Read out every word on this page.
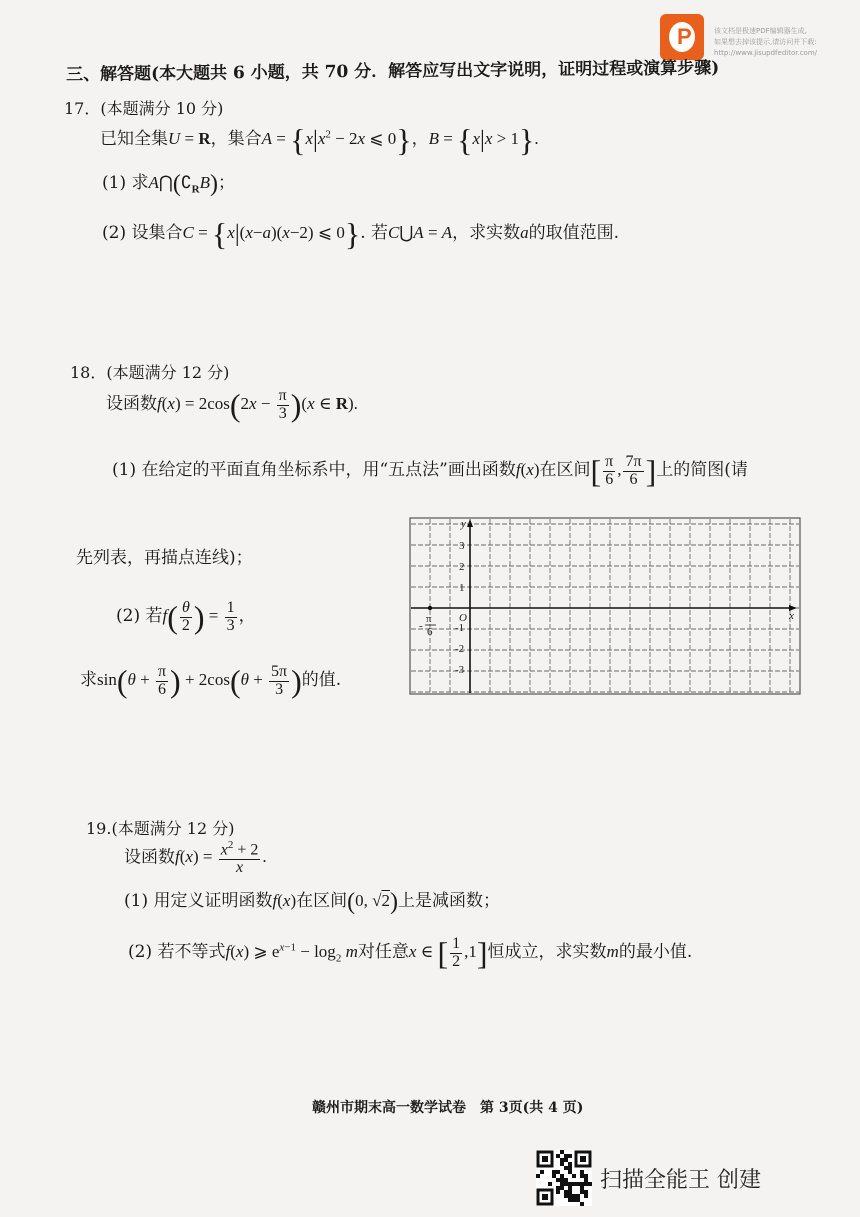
P	该文档是极速PDF编辑器生成,
如果想去掉该提示,请访问并下载:
http://www.jisupdfeditor.com/
三、解答题(本大题共 6 小题，共 70 分．解答应写出文字说明，证明过程或演算步骤)
17．(本题满分 10 分)
已知全集U = R，集合$A = \{x|x^2 - 2x$ ⩽ 0}，B = {x|x > 1}.
(1) 求$A⋂(∁_RB)$；
(2) 设集合C = {x|(x−a)(x−2) ⩽ 0}. 若C⋃A = A，求实数a的取值范围.
18．(本题满分 12 分)
设函数$f(x) = 2\cos(2x - \frac{\pi}{3} )(x$ ∈ R).
(1) 在给定的平面直角坐标系中，用“五点法”画出函数f(x)在区间[ $\frac{\pi}{6}$ , $\frac{7\pi}{6}$ ]上的简图(请
先列表，再描点连线)；
(2) 若$f( \frac{\theta}{2}$ ) = $\frac{1}{3}$ ，
求$\sin(\theta + \frac{\pi}{6}$ ) + $2\cos(\theta + \frac{5\pi}{3}$ )的值.
y
x
O
3
2
1
-1
-2
-3
-
π
6
19.(本题满分 12 分)
设函数$f(x) = \frac{x^2 + 2}{x}$ .
(1) 用定义证明函数f(x)在区间(0, √2)上是减函数；
(2) 若不等式f(x) ⩾ $e^{x-1} - \log_2 m$对任意x ∈ [ $\frac{1}{2} ,1$]恒成立，求实数m的最小值.
赣州市期末高一数学试卷　第 3页(共 4 页)
扫描全能王 创建
